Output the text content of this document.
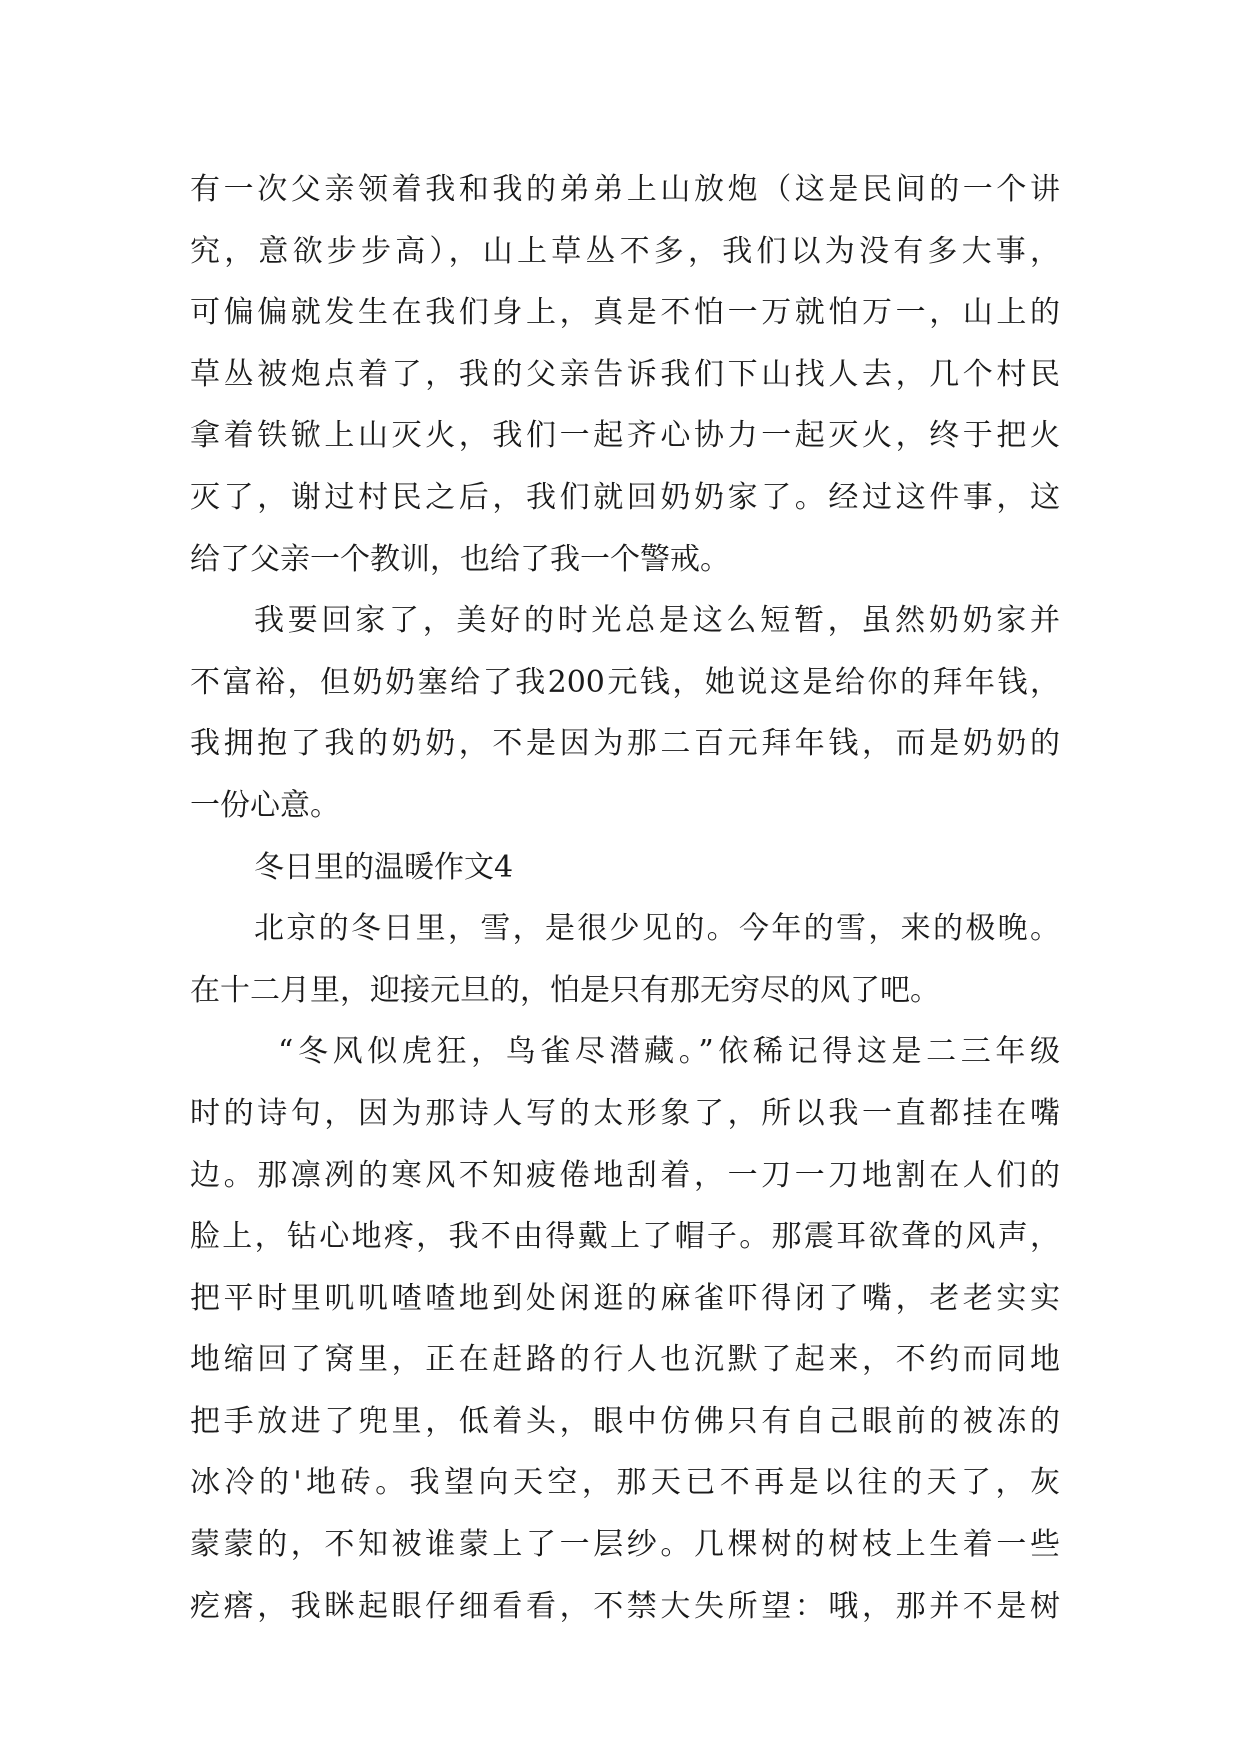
有一次父亲领着我和我的弟弟上山放炮（这是民间的一个讲
究，意欲步步高），山上草丛不多，我们以为没有多大事，
可偏偏就发生在我们身上，真是不怕一万就怕万一，山上的
草丛被炮点着了，我的父亲告诉我们下山找人去，几个村民
拿着铁锨上山灭火，我们一起齐心协力一起灭火，终于把火
灭了，谢过村民之后，我们就回奶奶家了。经过这件事，这
给了父亲一个教训，也给了我一个警戒。
我要回家了，美好的时光总是这么短暂，虽然奶奶家并
不富裕，但奶奶塞给了我200元钱，她说这是给你的拜年钱，
我拥抱了我的奶奶，不是因为那二百元拜年钱，而是奶奶的
一份心意。
冬日里的温暖作文4
北京的冬日里，雪，是很少见的。今年的雪，来的极晚。
在十二月里，迎接元旦的，怕是只有那无穷尽的风了吧。
“冬风似虎狂，鸟雀尽潜藏。”依稀记得这是二三年级
时的诗句，因为那诗人写的太形象了，所以我一直都挂在嘴
边。那凛冽的寒风不知疲倦地刮着，一刀一刀地割在人们的
脸上，钻心地疼，我不由得戴上了帽子。那震耳欲聋的风声，
把平时里叽叽喳喳地到处闲逛的麻雀吓得闭了嘴，老老实实
地缩回了窝里，正在赶路的行人也沉默了起来，不约而同地
把手放进了兜里，低着头，眼中仿佛只有自己眼前的被冻的
冰冷的'地砖。我望向天空，那天已不再是以往的天了，灰
蒙蒙的，不知被谁蒙上了一层纱。几棵树的树枝上生着一些
疙瘩，我眯起眼仔细看看，不禁大失所望：哦，那并不是树
